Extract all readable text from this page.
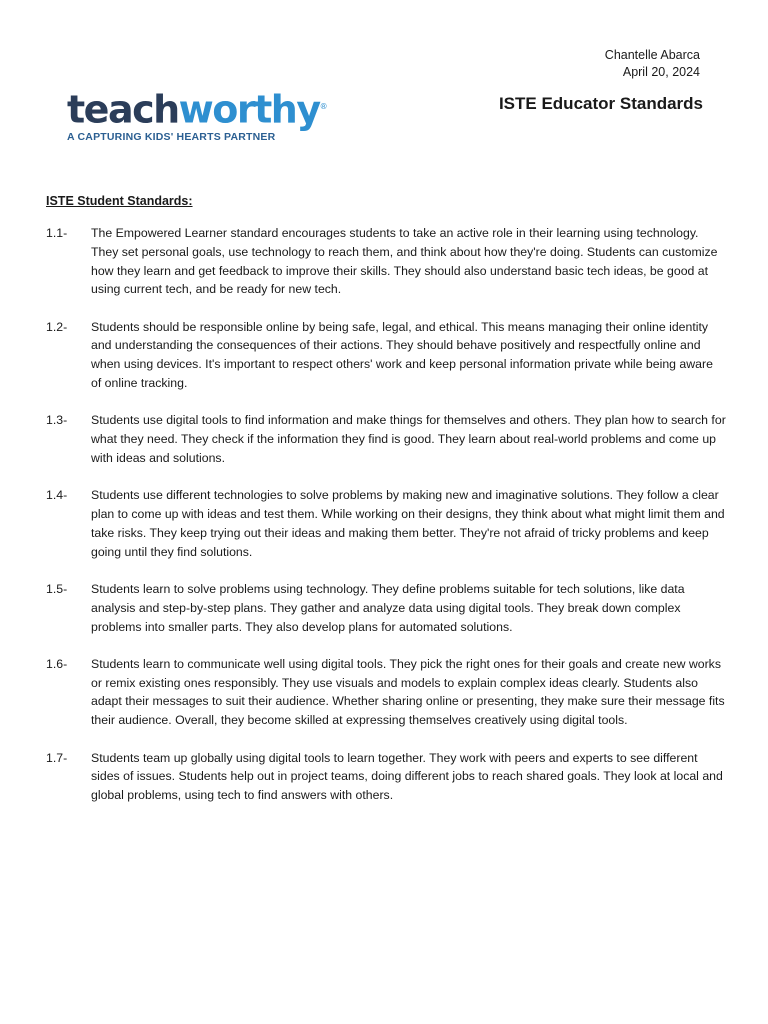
Chantelle Abarca
April 20, 2024
ISTE Educator Standards
teachworthy®
A CAPTURING KIDS' HEARTS PARTNER
ISTE Student Standards:
1.1-	The Empowered Learner standard encourages students to take an active role in their learning using technology. They set personal goals, use technology to reach them, and think about how they're doing. Students can customize how they learn and get feedback to improve their skills. They should also understand basic tech ideas, be good at using current tech, and be ready for new tech.
1.2-	Students should be responsible online by being safe, legal, and ethical. This means managing their online identity and understanding the consequences of their actions. They should behave positively and respectfully online and when using devices. It's important to respect others' work and keep personal information private while being aware of online tracking.
1.3-	Students use digital tools to find information and make things for themselves and others. They plan how to search for what they need. They check if the information they find is good. They learn about real-world problems and come up with ideas and solutions.
1.4-	Students use different technologies to solve problems by making new and imaginative solutions. They follow a clear plan to come up with ideas and test them. While working on their designs, they think about what might limit them and take risks. They keep trying out their ideas and making them better. They're not afraid of tricky problems and keep going until they find solutions.
1.5-	Students learn to solve problems using technology. They define problems suitable for tech solutions, like data analysis and step-by-step plans. They gather and analyze data using digital tools. They break down complex problems into smaller parts. They also develop plans for automated solutions.
1.6-	Students learn to communicate well using digital tools. They pick the right ones for their goals and create new works or remix existing ones responsibly. They use visuals and models to explain complex ideas clearly. Students also adapt their messages to suit their audience. Whether sharing online or presenting, they make sure their message fits their audience. Overall, they become skilled at expressing themselves creatively using digital tools.
1.7-	Students team up globally using digital tools to learn together. They work with peers and experts to see different sides of issues. Students help out in project teams, doing different jobs to reach shared goals. They look at local and global problems, using tech to find answers with others.
